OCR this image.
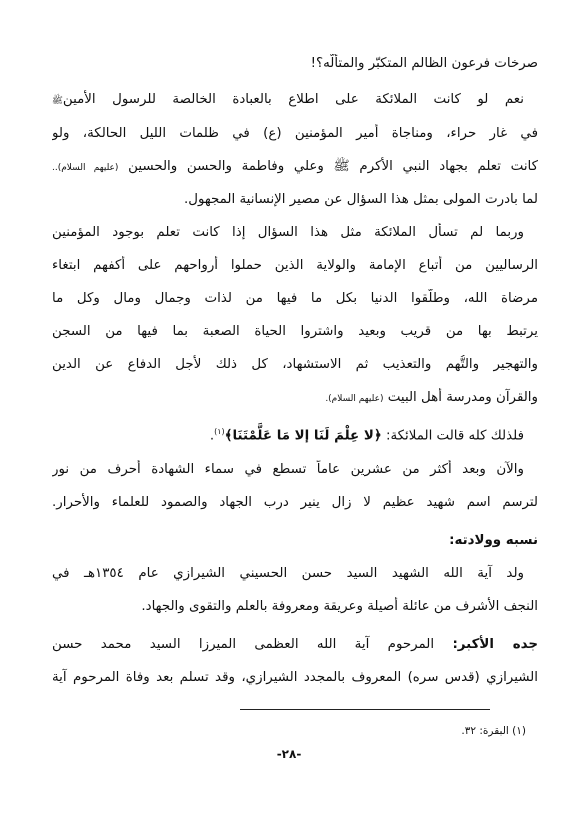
صرخات فرعون الظالم المتكبّر والمتألّه؟!
نعم لو كانت الملائكة على اطلاع بالعبادة الخالصة للرسول الأمينﷺ
في غار حراء، ومناجاة أمير المؤمنين (ع) في ظلمات الليل الحالكة، ولو
كانت تعلم بجهاد النبي الأكرم ﷺ وعلي وفاطمة والحسن والحسين (عليهم السلام)..
لما بادرت المولى بمثل هذا السؤال عن مصير الإنسانية المجهول.
وربما لم تسأل الملائكة مثل هذا السؤال إذا كانت تعلم بوجود المؤمنين
الرساليين من أتباع الإمامة والولاية الذين حملوا أرواحهم على أكفهم ابتغاء
مرضاة الله، وطلّقوا الدنيا بكل ما فيها من لذات وجمال ومال وكل ما
يرتبط بها من قريب وبعيد واشتروا الحياة الصعبة بما فيها من السجن
والتهجير والتُّهم والتعذيب ثم الاستشهاد، كل ذلك لأجل الدفاع عن الدين
والقرآن ومدرسة أهل البيت (عليهم السلام).
فلذلك كله قالت الملائكة: ﴿لا عِلْمَ لَنَا إلا مَا عَلَّمْتَنَا﴾$^{(١)}$.
والآن وبعد أكثر من عشرين عاماً تسطع في سماء الشهادة أحرف من نور
لترسم اسم شهيد عظيم لا زال ينير درب الجهاد والصمود للعلماء والأحرار.
نسبه وولادته:
ولد آية الله الشهيد السيد حسن الحسيني الشيرازي عام ١٣٥٤هـ في
النجف الأشرف من عائلة أصيلة وعريقة ومعروفة بالعلم والتقوى والجهاد.
جده الأكبر: المرحوم آية الله العظمى الميرزا السيد محمد حسن
الشيرازي (قدس سره) المعروف بالمجدد الشيرازي، وقد تسلم بعد وفاة المرحوم آية
(١) البقرة: ٣٢.
-٢٨-
